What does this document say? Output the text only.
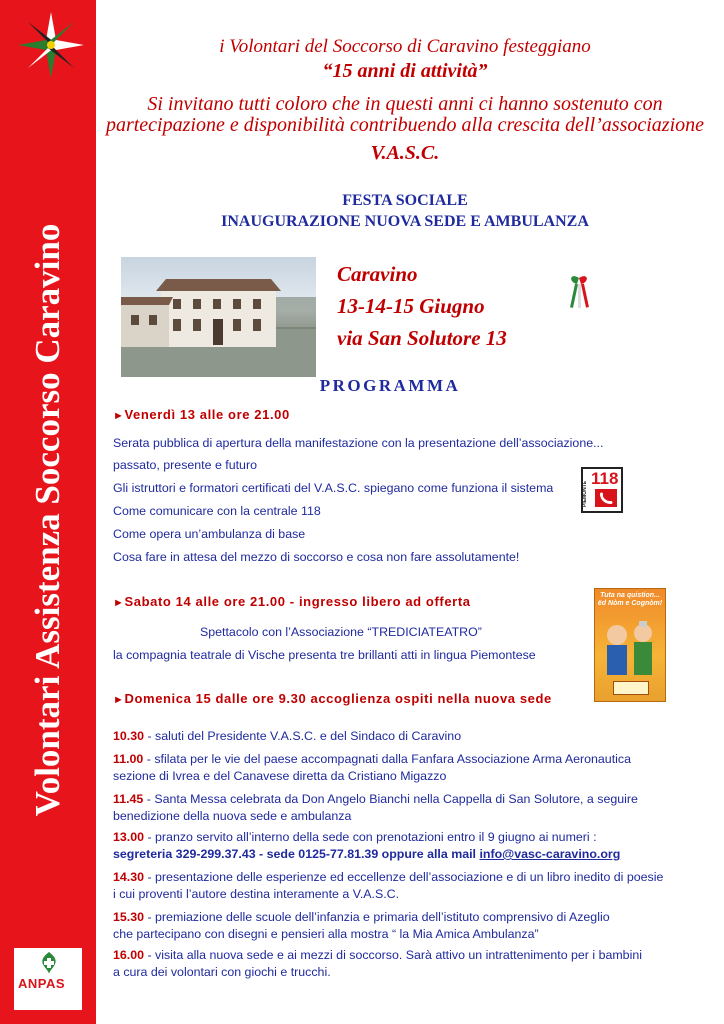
Volontari Assistenza Soccorso Caravino
ANPAS
i Volontari del Soccorso di Caravino festeggiano
“15 anni di attività”
Si invitano tutti coloro che in questi anni ci hanno sostenuto con
partecipazione e disponibilità contribuendo alla crescita dell’associazione
V.A.S.C.
FESTA SOCIALE
INAUGURAZIONE NUOVA SEDE E AMBULANZA
Caravino
13-14-15 Giugno
via San Solutore 13
PROGRAMMA
►Venerdì 13 alle ore 21.00
Serata pubblica di apertura della manifestazione con la presentazione dell’associazione...
passato, presente e futuro
Gli istruttori e formatori certificati del V.A.S.C. spiegano come funziona il sistema
Come comunicare con la centrale 118
Come opera un’ambulanza di base
Cosa fare in attesa del mezzo di soccorso e cosa non fare assolutamente!
PIEMONTE
118
►Sabato 14 alle ore 21.00 - ingresso libero ad offerta
Spettacolo con l’Associazione “TREDICIATEATRO”
la compagnia teatrale di Vische presenta tre brillanti atti in lingua Piemontese
Tuta na quistion... ëd Nòm e Cognòm!
►Domenica 15 dalle ore 9.30 accoglienza ospiti nella nuova sede
10.30 - saluti del Presidente V.A.S.C. e del Sindaco di Caravino
11.00 - sfilata per le vie del paese accompagnati dalla Fanfara Associazione Arma Aeronautica
sezione di Ivrea e del Canavese diretta da Cristiano Migazzo
11.45 - Santa Messa celebrata da Don Angelo Bianchi nella Cappella di San Solutore, a seguire
benedizione della nuova sede e ambulanza
13.00 - pranzo servito all’interno della sede con prenotazioni entro il 9 giugno ai numeri :
segreteria 329-299.37.43 - sede 0125-77.81.39 oppure alla mail info@vasc-caravino.org
14.30 - presentazione delle esperienze ed eccellenze dell’associazione e di un libro inedito di poesie
i cui proventi l’autore destina interamente a V.A.S.C.
15.30 - premiazione delle scuole dell’infanzia e primaria dell’istituto comprensivo di Azeglio
che partecipano con disegni e pensieri alla mostra “ la Mia Amica Ambulanza”
16.00 - visita alla nuova sede e ai mezzi di soccorso. Sarà attivo un intrattenimento per i bambini
a cura dei volontari con giochi e trucchi.
